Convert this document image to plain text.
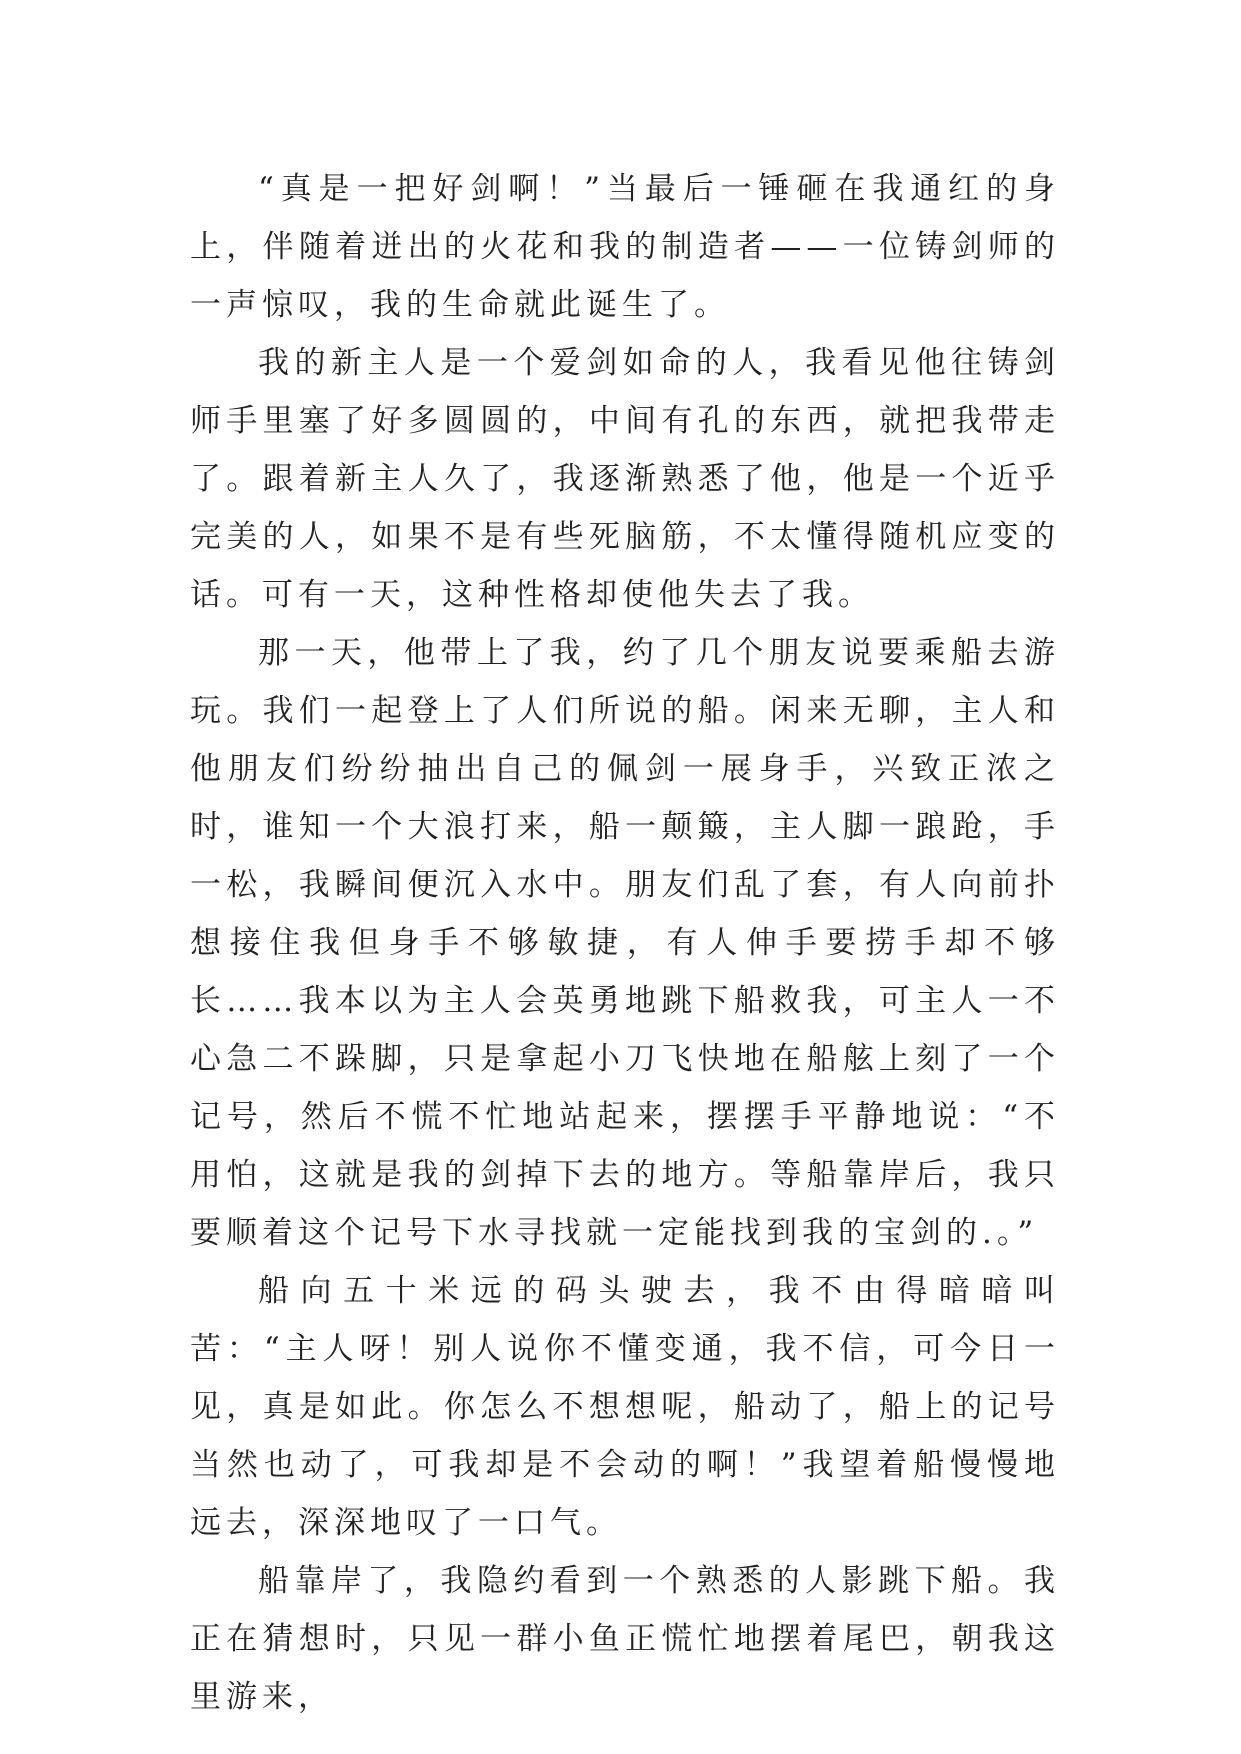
“真是一把好剑啊！”当最后一锤砸在我通红的身上，伴随着迸出的火花和我的制造者——一位铸剑师的一声惊叹，我的生命就此诞生了。

我的新主人是一个爱剑如命的人，我看见他往铸剑师手里塞了好多圆圆的，中间有孔的东西，就把我带走了。跟着新主人久了，我逐渐熟悉了他，他是一个近乎完美的人，如果不是有些死脑筋，不太懂得随机应变的话。可有一天，这种性格却使他失去了我。

那一天，他带上了我，约了几个朋友说要乘船去游玩。我们一起登上了人们所说的船。闲来无聊，主人和他朋友们纷纷抽出自己的佩剑一展身手，兴致正浓之时，谁知一个大浪打来，船一颠簸，主人脚一踉跄，手一松，我瞬间便沉入水中。朋友们乱了套，有人向前扑想接住我但身手不够敏捷，有人伸手要捞手却不够长……我本以为主人会英勇地跳下船救我，可主人一不心急二不跺脚，只是拿起小刀飞快地在船舷上刻了一个记号，然后不慌不忙地站起来，摆摆手平静地说：“不用怕，这就是我的剑掉下去的地方。等船靠岸后，我只要顺着这个记号下水寻找就一定能找到我的宝剑的.。”

船向五十米远的码头驶去，我不由得暗暗叫苦：“主人呀！别人说你不懂变通，我不信，可今日一见，真是如此。你怎么不想想呢，船动了，船上的记号当然也动了，可我却是不会动的啊！”我望着船慢慢地远去，深深地叹了一口气。

船靠岸了，我隐约看到一个熟悉的人影跳下船。我正在猜想时，只见一群小鱼正慌忙地摆着尾巴，朝我这里游来，
